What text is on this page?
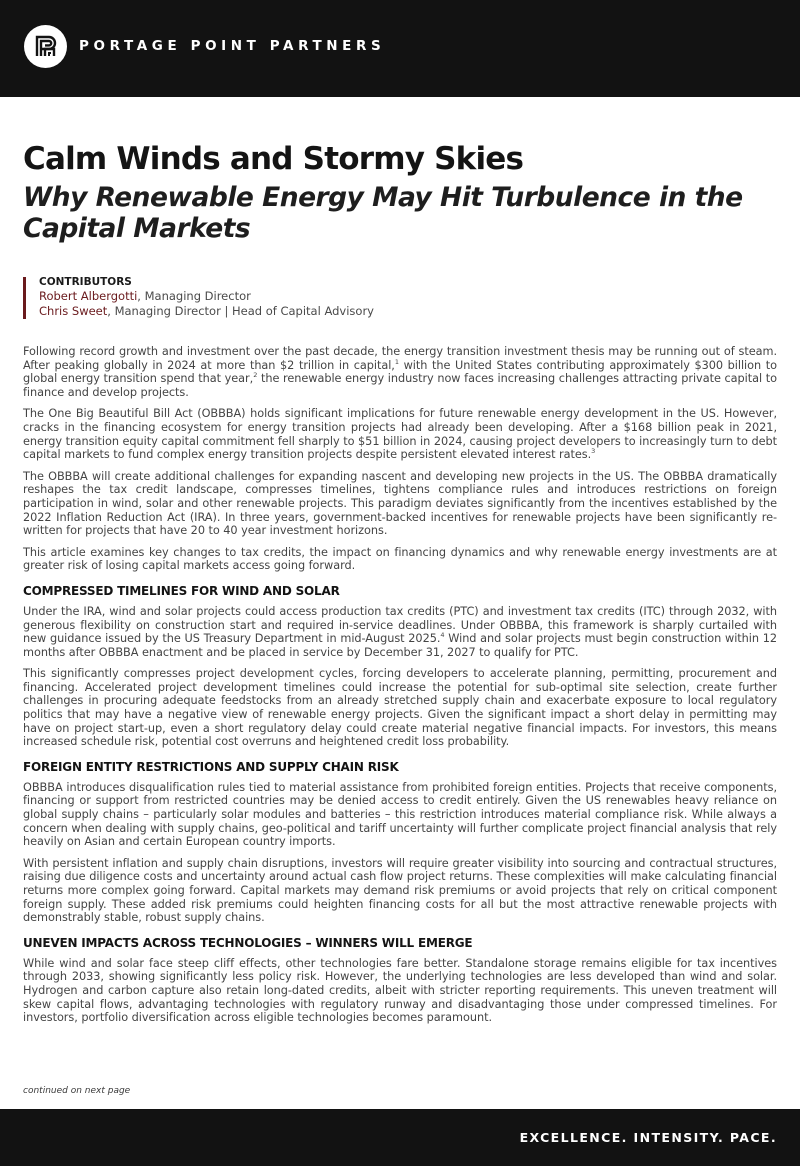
PORTAGE POINT PARTNERS
Calm Winds and Stormy Skies
Why Renewable Energy May Hit Turbulence in the Capital Markets
CONTRIBUTORS
Robert Albergotti, Managing Director
Chris Sweet, Managing Director | Head of Capital Advisory

Following record growth and investment over the past decade, the energy transition investment thesis may be running out of steam. After peaking globally in 2024 at more than $2 trillion in capital,$^1$ with the United States contributing approximately $300 billion to global energy transition spend that year,$^2$ the renewable energy industry now faces increasing challenges attracting private capital to finance and develop projects.

The One Big Beautiful Bill Act (OBBBA) holds significant implications for future renewable energy development in the US. However, cracks in the financing ecosystem for energy transition projects had already been developing. After a $168 billion peak in 2021, energy transition equity capital commitment fell sharply to $51 billion in 2024, causing project developers to increasingly turn to debt capital markets to fund complex energy transition projects despite persistent elevated interest rates.$^3$

The OBBBA will create additional challenges for expanding nascent and developing new projects in the US. The OBBBA dramatically reshapes the tax credit landscape, compresses timelines, tightens compliance rules and introduces restrictions on foreign participation in wind, solar and other renewable projects. This paradigm deviates significantly from the incentives established by the 2022 Inflation Reduction Act (IRA). In three years, government-backed incentives for renewable projects have been significantly re-written for projects that have 20 to 40 year investment horizons.

This article examines key changes to tax credits, the impact on financing dynamics and why renewable energy investments are at greater risk of losing capital markets access going forward.

COMPRESSED TIMELINES FOR WIND AND SOLAR

Under the IRA, wind and solar projects could access production tax credits (PTC) and investment tax credits (ITC) through 2032, with generous flexibility on construction start and required in-service deadlines. Under OBBBA, this framework is sharply curtailed with new guidance issued by the US Treasury Department in mid-August 2025.$^4$ Wind and solar projects must begin construction within 12 months after OBBBA enactment and be placed in service by December 31, 2027 to qualify for PTC.

This significantly compresses project development cycles, forcing developers to accelerate planning, permitting, procurement and financing. Accelerated project development timelines could increase the potential for sub-optimal site selection, create further challenges in procuring adequate feedstocks from an already stretched supply chain and exacerbate exposure to local regulatory politics that may have a negative view of renewable energy projects. Given the significant impact a short delay in permitting may have on project start-up, even a short regulatory delay could create material negative financial impacts. For investors, this means increased schedule risk, potential cost overruns and heightened credit loss probability.

FOREIGN ENTITY RESTRICTIONS AND SUPPLY CHAIN RISK

OBBBA introduces disqualification rules tied to material assistance from prohibited foreign entities. Projects that receive components, financing or support from restricted countries may be denied access to credit entirely. Given the US renewables heavy reliance on global supply chains – particularly solar modules and batteries – this restriction introduces material compliance risk. While always a concern when dealing with supply chains, geo-political and tariff uncertainty will further complicate project financial analysis that rely heavily on Asian and certain European country imports.

With persistent inflation and supply chain disruptions, investors will require greater visibility into sourcing and contractual structures, raising due diligence costs and uncertainty around actual cash flow project returns. These complexities will make calculating financial returns more complex going forward. Capital markets may demand risk premiums or avoid projects that rely on critical component foreign supply. These added risk premiums could heighten financing costs for all but the most attractive renewable projects with demonstrably stable, robust supply chains.

UNEVEN IMPACTS ACROSS TECHNOLOGIES – WINNERS WILL EMERGE

While wind and solar face steep cliff effects, other technologies fare better. Standalone storage remains eligible for tax incentives through 2033, showing significantly less policy risk. However, the underlying technologies are less developed than wind and solar. Hydrogen and carbon capture also retain long-dated credits, albeit with stricter reporting requirements. This uneven treatment will skew capital flows, advantaging technologies with regulatory runway and disadvantaging those under compressed timelines. For investors, portfolio diversification across eligible technologies becomes paramount.

continued on next page
EXCELLENCE. INTENSITY. PACE.
